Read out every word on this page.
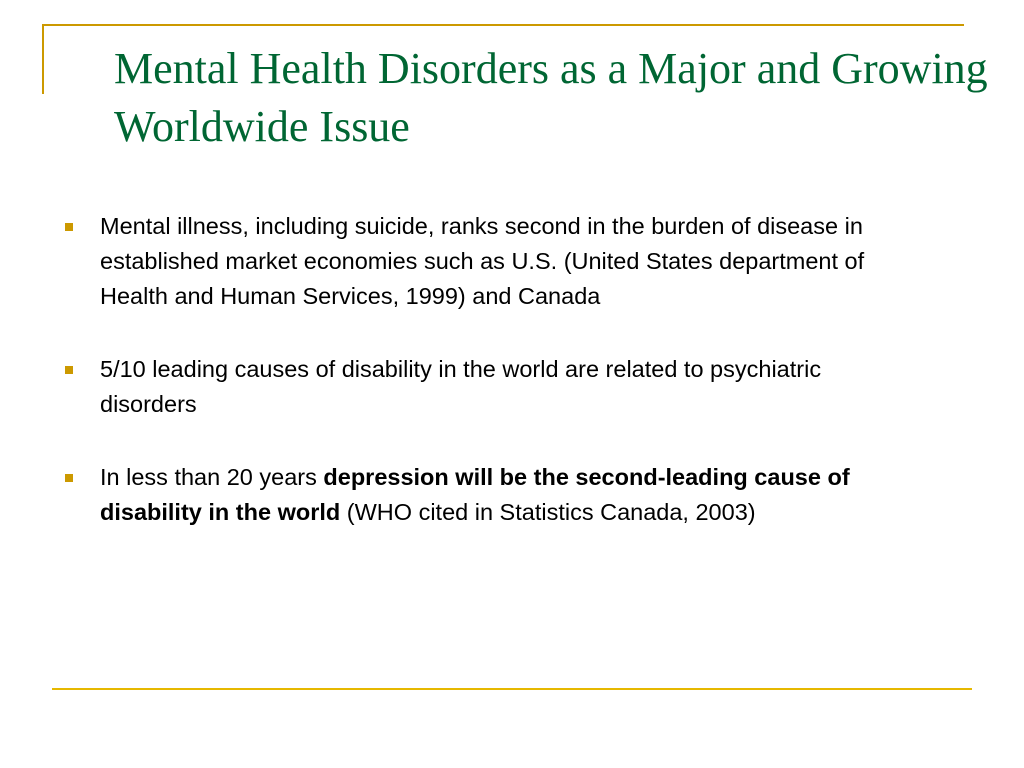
Mental Health Disorders as a Major and Growing Worldwide Issue
Mental illness, including suicide, ranks second in the burden of disease in established market economies such as U.S. (United States department of Health and Human Services, 1999) and Canada
5/10 leading causes of disability in the world are related to psychiatric disorders
In less than 20 years depression will be the second-leading cause of disability in the world (WHO cited in Statistics Canada, 2003)
